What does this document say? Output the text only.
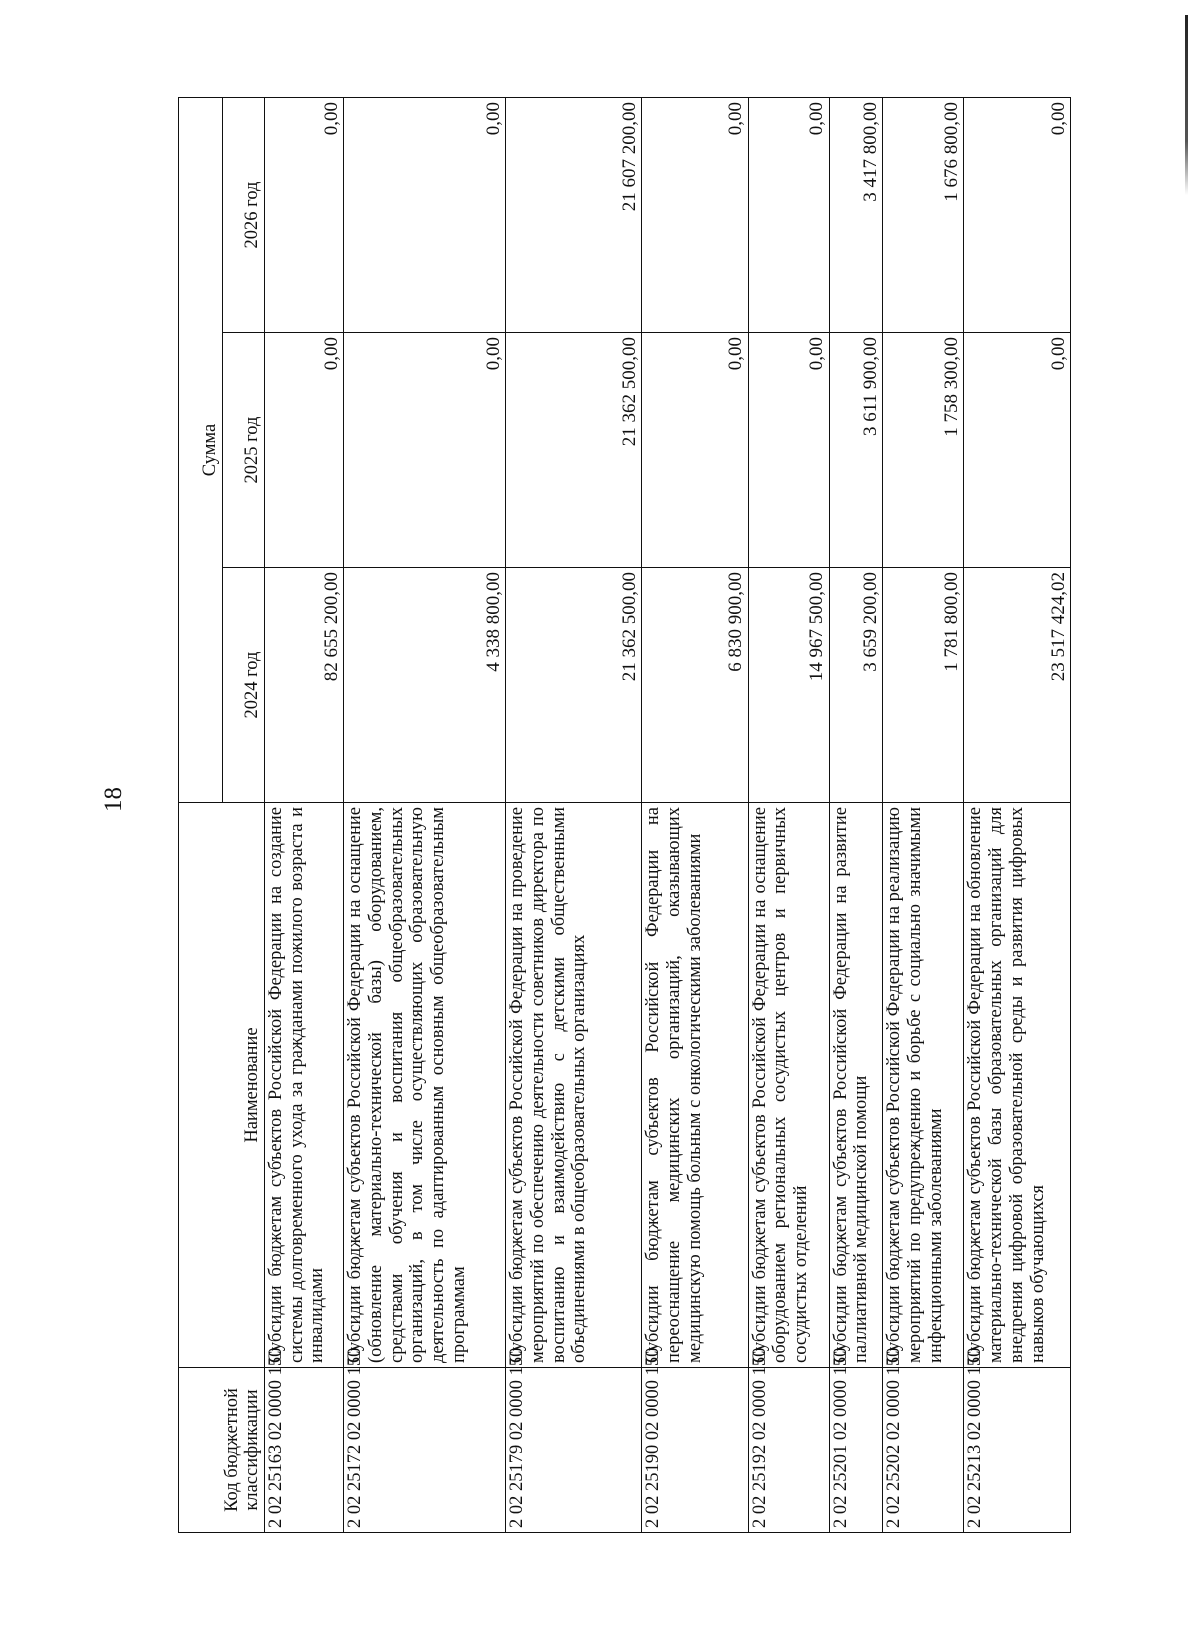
18
Код бюджетной классификации	Наименование	Сумма		
		2024 год	2025 год	2026 год
2 02 25163 02 0000 150	Субсидии бюджетам субъектов Российской Федерации на создание системы долговременного ухода за гражданами пожилого возраста и инвалидами	82 655 200,00	0,00	0,00
2 02 25172 02 0000 150	Субсидии бюджетам субъектов Российской Федерации на оснащение (обновление материально-технической базы) оборудованием, средствами обучения и воспитания общеобразовательных организаций, в том числе осуществляющих образовательную деятельность по адаптированным основным общеобразовательным программам	4 338 800,00	0,00	0,00
2 02 25179 02 0000 150	Субсидии бюджетам субъектов Российской Федерации на проведение мероприятий по обеспечению деятельности советников директора по воспитанию и взаимодействию с детскими общественными объединениями в общеобразовательных организациях	21 362 500,00	21 362 500,00	21 607 200,00
2 02 25190 02 0000 150	Субсидии бюджетам субъектов Российской Федерации на переоснащение медицинских организаций, оказывающих медицинскую помощь больным с онкологическими заболеваниями	6 830 900,00	0,00	0,00
2 02 25192 02 0000 150	Субсидии бюджетам субъектов Российской Федерации на оснащение оборудованием региональных сосудистых центров и первичных сосудистых отделений	14 967 500,00	0,00	0,00
2 02 25201 02 0000 150	Субсидии бюджетам субъектов Российской Федерации на развитие паллиативной медицинской помощи	3 659 200,00	3 611 900,00	3 417 800,00
2 02 25202 02 0000 150	Субсидии бюджетам субъектов Российской Федерации на реализацию мероприятий по предупреждению и борьбе с социально значимыми инфекционными заболеваниями	1 781 800,00	1 758 300,00	1 676 800,00
2 02 25213 02 0000 150	Субсидии бюджетам субъектов Российской Федерации на обновление материально-технической базы образовательных организаций для внедрения цифровой образовательной среды и развития цифровых навыков обучающихся	23 517 424,02	0,00	0,00
